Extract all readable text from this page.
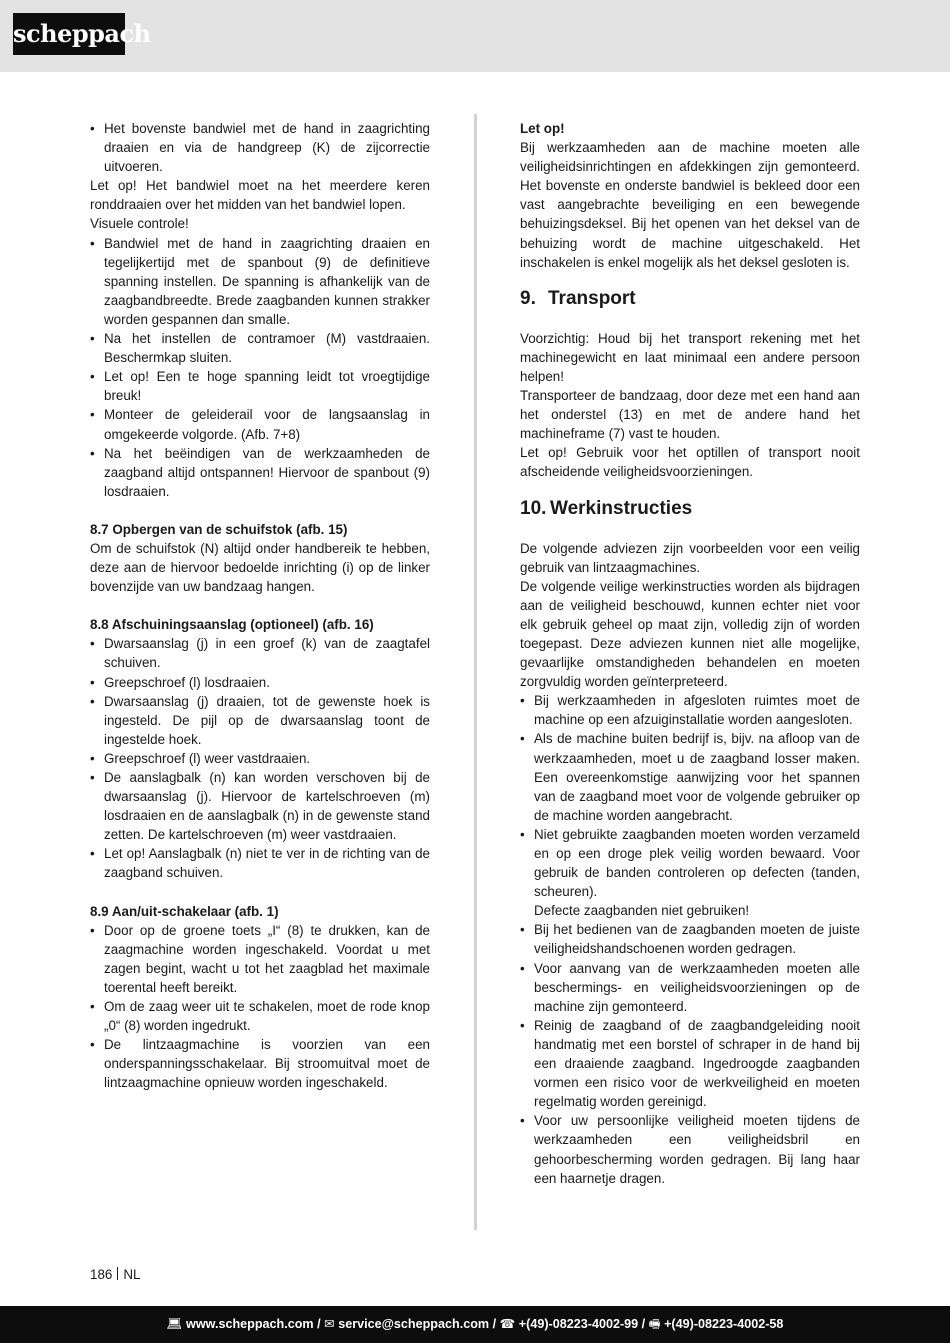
scheppach

• Het bovenste bandwiel met de hand in zaagrichting draaien en via de handgreep (K) de zijcorrectie uitvoeren.

Let op! Het bandwiel moet na het meerdere keren ronddraaien over het midden van het bandwiel lopen.

Visuele controle!

• Bandwiel met de hand in zaagrichting draaien en tegelijkertijd met de spanbout (9) de definitieve spanning instellen. De spanning is afhankelijk van de zaagbandbreedte. Brede zaagbanden kunnen strakker worden gespannen dan smalle.

• Na het instellen de contramoer (M) vastdraaien. Beschermkap sluiten.

• Let op! Een te hoge spanning leidt tot vroegtijdige breuk!

• Monteer de geleiderail voor de langsaanslag in omgekeerde volgorde. (Afb. 7+8)

• Na het beëindigen van de werkzaamheden de zaagband altijd ontspannen! Hiervoor de spanbout (9) losdraaien.

8.7 Opbergen van de schuifstok (afb. 15)

Om de schuifstok (N) altijd onder handbereik te hebben, deze aan de hiervoor bedoelde inrichting (i) op de linker bovenzijde van uw bandzaag hangen.

8.8 Afschuiningsaanslag (optioneel) (afb. 16)

• Dwarsaanslag (j) in een groef (k) van de zaagtafel schuiven.

• Greepschroef (l) losdraaien.

• Dwarsaanslag (j) draaien, tot de gewenste hoek is ingesteld. De pijl op de dwarsaanslag toont de ingestelde hoek.

• Greepschroef (l) weer vastdraaien.

• De aanslagbalk (n) kan worden verschoven bij de dwarsaanslag (j). Hiervoor de kartelschroeven (m) losdraaien en de aanslagbalk (n) in de gewenste stand zetten. De kartelschroeven (m) weer vastdraaien.

• Let op! Aanslagbalk (n) niet te ver in de richting van de zaagband schuiven.

8.9 Aan/uit-schakelaar (afb. 1)

• Door op de groene toets „I“ (8) te drukken, kan de zaagmachine worden ingeschakeld. Voordat u met zagen begint, wacht u tot het zaagblad het maximale toerental heeft bereikt.

• Om de zaag weer uit te schakelen, moet de rode knop „0“ (8) worden ingedrukt.

• De lintzaagmachine is voorzien van een onderspanningsschakelaar. Bij stroomuitval moet de lintzaagmachine opnieuw worden ingeschakeld.

Let op!

Bij werkzaamheden aan de machine moeten alle veiligheidsinrichtingen en afdekkingen zijn gemonteerd. Het bovenste en onderste bandwiel is bekleed door een vast aangebrachte beveiliging en een bewegende behuizingsdeksel. Bij het openen van het deksel van de behuizing wordt de machine uitgeschakeld. Het inschakelen is enkel mogelijk als het deksel gesloten is.

9. Transport

Voorzichtig: Houd bij het transport rekening met het machinegewicht en laat minimaal een andere persoon helpen!

Transporteer de bandzaag, door deze met een hand aan het onderstel (13) en met de andere hand het machineframe (7) vast te houden.

Let op! Gebruik voor het optillen of transport nooit afscheidende veiligheidsvoorzieningen.

10. Werkinstructies

De volgende adviezen zijn voorbeelden voor een veilig gebruik van lintzaagmachines.

De volgende veilige werkinstructies worden als bijdragen aan de veiligheid beschouwd, kunnen echter niet voor elk gebruik geheel op maat zijn, volledig zijn of worden toegepast. Deze adviezen kunnen niet alle mogelijke, gevaarlijke omstandigheden behandelen en moeten zorgvuldig worden geïnterpreteerd.

• Bij werkzaamheden in afgesloten ruimtes moet de machine op een afzuiginstallatie worden aangesloten.

• Als de machine buiten bedrijf is, bijv. na afloop van de werkzaamheden, moet u de zaagband losser maken. Een overeenkomstige aanwijzing voor het spannen van de zaagband moet voor de volgende gebruiker op de machine worden aangebracht.

• Niet gebruikte zaagbanden moeten worden verzameld en op een droge plek veilig worden bewaard. Voor gebruik de banden controleren op defecten (tanden, scheuren).

Defecte zaagbanden niet gebruiken!

• Bij het bedienen van de zaagbanden moeten de juiste veiligheidshandschoenen worden gedragen.

• Voor aanvang van de werkzaamheden moeten alle beschermings- en veiligheidsvoorzieningen op de machine zijn gemonteerd.

• Reinig de zaagband of de zaagbandgeleiding nooit handmatig met een borstel of schraper in de hand bij een draaiende zaagband. Ingedroogde zaagbanden vormen een risico voor de werkveiligheid en moeten regelmatig worden gereinigd.

• Voor uw persoonlijke veiligheid moeten tijdens de werkzaamheden een veiligheidsbril en gehoorbescherming worden gedragen. Bij lang haar een haarnetje dragen.

186 NL
💻︎ www.scheppach.com / ✉ service@scheppach.com / ☎ +(49)-08223-4002-99 / 🖷︎ +(49)-08223-4002-58
